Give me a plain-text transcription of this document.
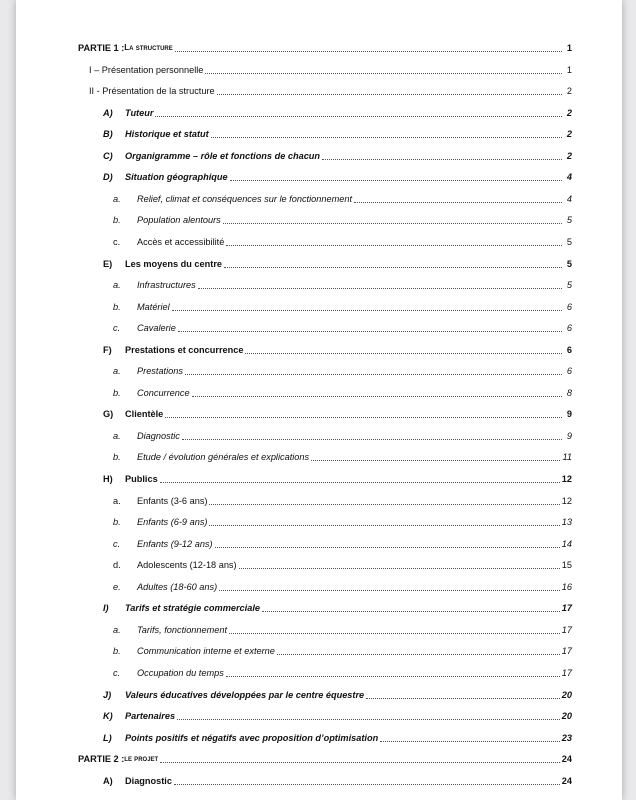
PARTIE 1 : La structure	1
I – Présentation personnelle	1
II - Présentation de la structure	2
A)	Tuteur	2
B)	Historique et statut	2
C)	Organigramme – rôle et fonctions de chacun	2
D)	Situation géographique	4
a.	Relief, climat et conséquences sur le fonctionnement	4
b.	Population alentours	5
c.	Accès et accessibilité	5
E)	Les moyens du centre	5
a.	Infrastructures	5
b.	Matériel	6
c.	Cavalerie	6
F)	Prestations et concurrence	6
a.	Prestations	6
b.	Concurrence	8
G)	Clientèle	9
a.	Diagnostic	9
b.	Etude / évolution générales et explications	11
H)	Publics	12
a.	Enfants (3-6 ans)	12
b.	Enfants (6-9 ans)	13
c.	Enfants (9-12 ans)	14
d.	Adolescents (12-18 ans)	15
e.	Adultes (18-60 ans)	16
I)	Tarifs et stratégie commerciale	17
a.	Tarifs, fonctionnement	17
b.	Communication interne et externe	17
c.	Occupation du temps	17
J)	Valeurs éducatives développées par le centre équestre	20
K)	Partenaires	20
L)	Points positifs et négatifs avec proposition d’optimisation	23
PARTIE 2 : le projet	24
A)	Diagnostic	24
